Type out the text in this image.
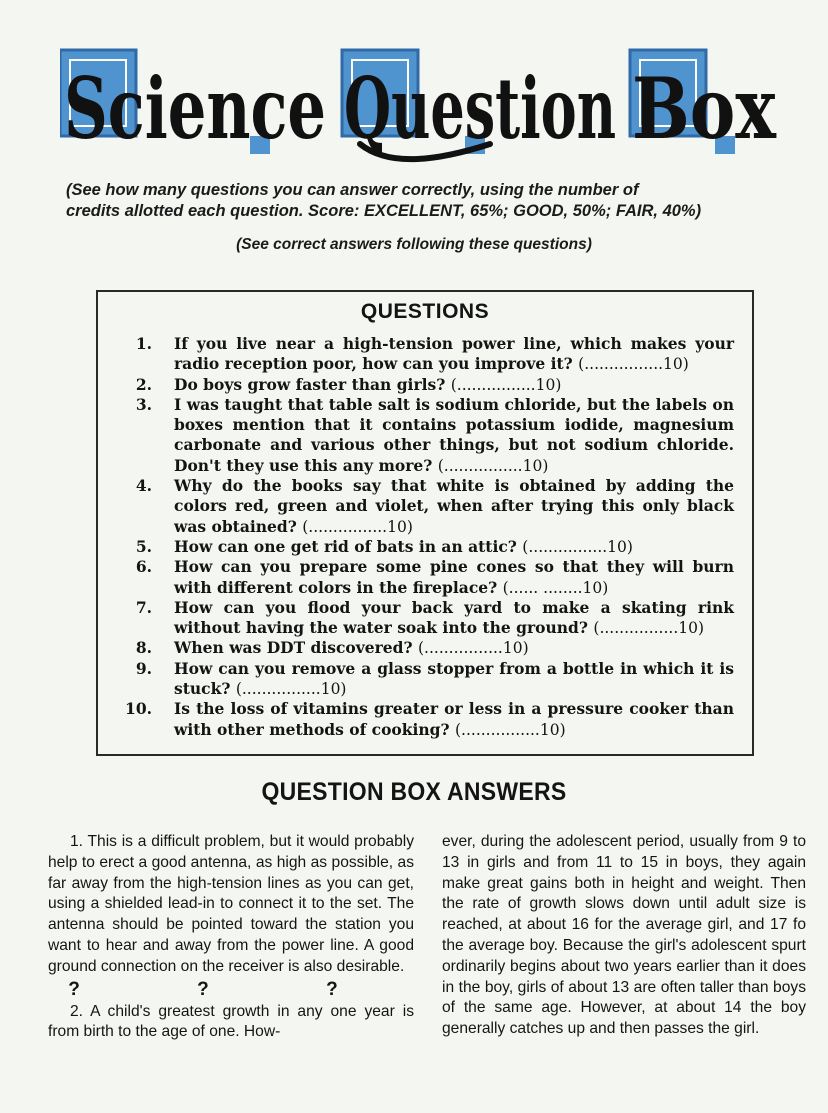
Science Question Box
(See how many questions you can answer correctly, using the number of
credits allotted each question. Score: EXCELLENT, 65%; GOOD, 50%; FAIR, 40%)
(See correct answers following these questions)
QUESTIONS
1. If you live near a high-tension power line, which makes your radio reception poor, how can you improve it? (................10)
2. Do boys grow faster than girls? (................10)
3. I was taught that table salt is sodium chloride, but the labels on boxes mention that it contains potassium iodide, magnesium carbonate and various other things, but not sodium chloride. Don't they use this any more? (................10)
4. Why do the books say that white is obtained by adding the colors red, green and violet, when after trying this only black was obtained? (................10)
5. How can one get rid of bats in an attic? (................10)
6. How can you prepare some pine cones so that they will burn with different colors in the fireplace? (...... ........10)
7. How can you flood your back yard to make a skating rink without having the water soak into the ground? (................10)
8. When was DDT discovered? (................10)
9. How can you remove a glass stopper from a bottle in which it is stuck? (................10)
10. Is the loss of vitamins greater or less in a pressure cooker than with other methods of cooking? (................10)
QUESTION BOX ANSWERS

1. This is a difficult problem, but it would probably help to erect a good antenna, as high as possible, as far away from the high-tension lines as you can get, using a shielded lead-in to connect it to the set. The antenna should be pointed toward the station you want to hear and away from the power line. A good ground connection on the receiver is also desirable.

? ? ?

2. A child's greatest growth in any one year is from birth to the age of one. How-

ever, during the adolescent period, usually from 9 to 13 in girls and from 11 to 15 in boys, they again make great gains both in height and weight. Then the rate of growth slows down until adult size is reached, at about 16 for the average girl, and 17 fo the average boy. Because the girl's adolescent spurt ordinarily begins about two years earlier than it does in the boy, girls of about 13 are often taller than boys of the same age. However, at about 14 the boy generally catches up and then passes the girl.
